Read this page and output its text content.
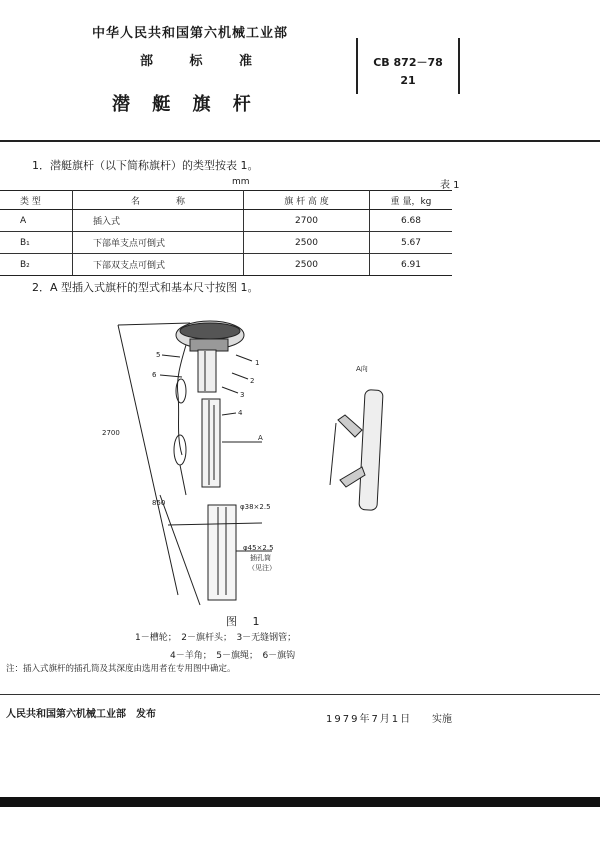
中华人民共和国第六机械工业部
部 标 准	CB 872－78
21
潜 艇 旗 杆
1．潜艇旗杆（以下简称旗杆）的类型按表 1。
mm	表 1
类 型	名　　　　称	旗 杆 高 度	重 量，kg
A	插入式	2700	6.68
B₁	下部单支点可倒式	2500	5.67
B₂	下部双支点可倒式	2500	6.91
2．A 型插入式旗杆的型式和基本尺寸按图 1。
1
2
3
4
5
6
2700
850	φ38×2.5
φ45×2.5
插孔筒
（见注）
A
A向
图 1
1－槽轮；　2－旗杆头；　3－无缝钢管；
4－羊角；　5－旗绳；　6－旗钩
注：插入式旗杆的插孔筒及其深度由选用者在专用图中确定。
人民共和国第六机械工业部　发布	1979年7月1日 实施
